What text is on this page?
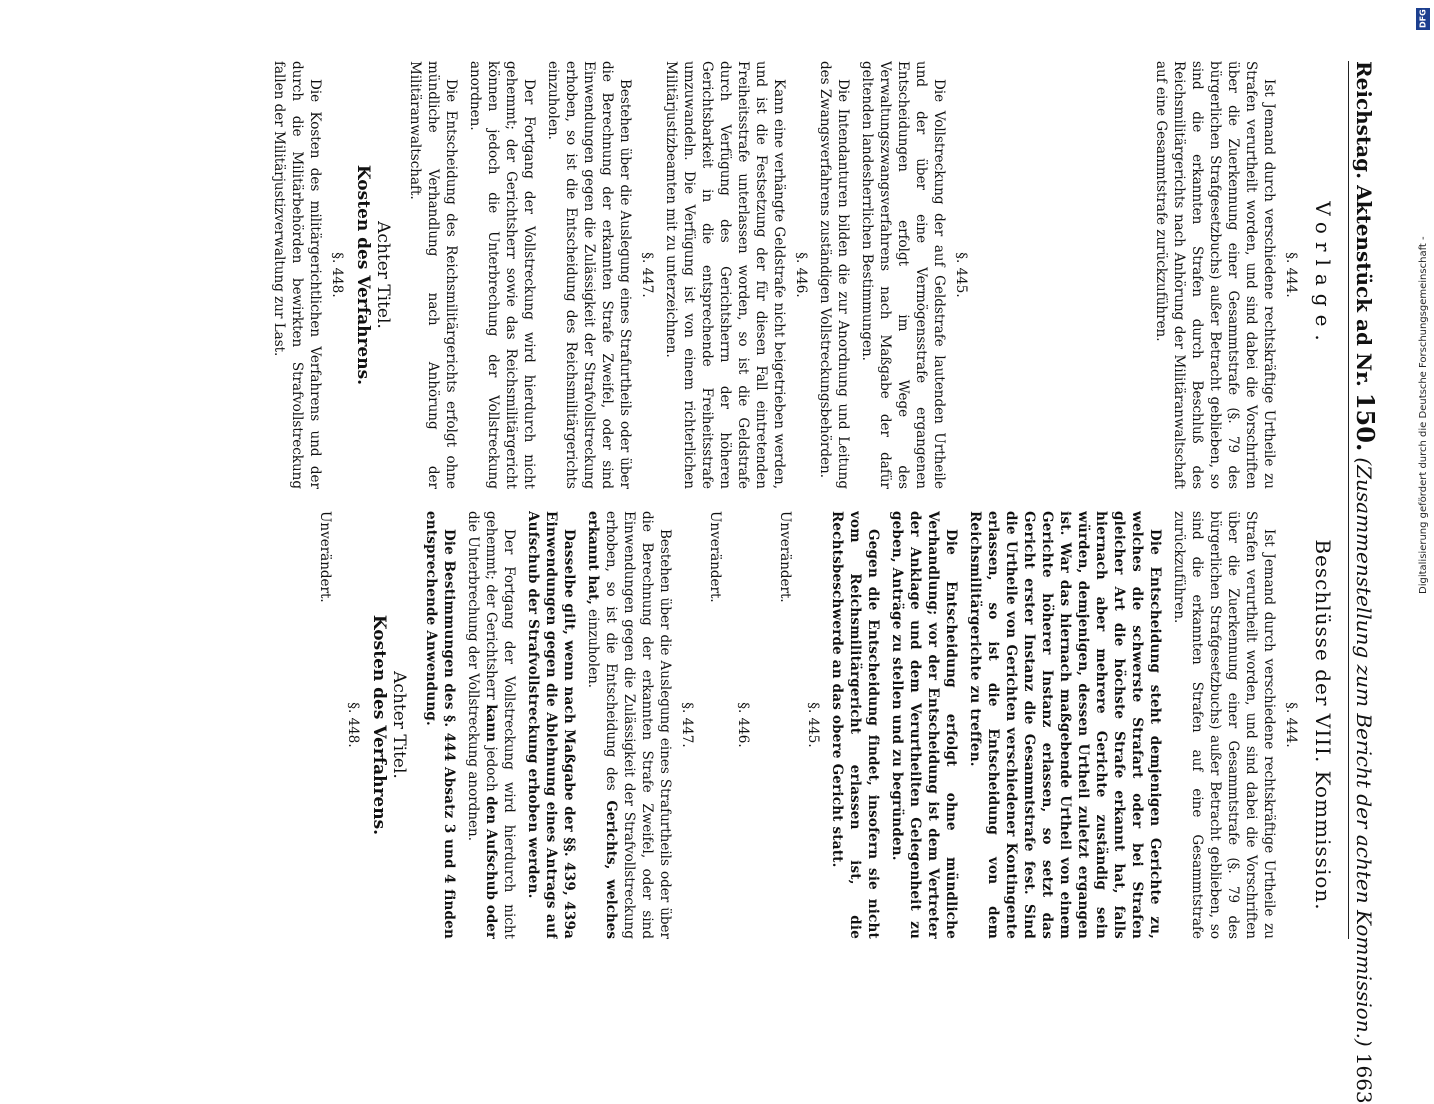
Reichstag.
Aktenstück ad Nr.
150.
(Zusammenstellung zum Bericht der achten Kommission.)
1663
Vorlage.
§. 444.

Ist Jemand durch verschiedene rechtskräftige Urtheile zu Strafen verurtheilt worden, und sind dabei die Vorschriften über die Zuerkennung einer Gesammtstrafe (§. 79 des bürgerlichen Strafgesetzbuchs) außer Betracht geblieben, so sind die erkannten Strafen durch Beschluß des Reichsmilitärgerichts nach Anhörung der Militäranwaltschaft auf eine Gesammtstrafe zurückzuführen.

§. 445.

Die Vollstreckung der auf Geldstrafe lautenden Urtheile und der über eine Vermögensstrafe ergangenen Entscheidungen erfolgt im Wege des Verwaltungszwangsverfahrens nach Maßgabe der dafür geltenden landesherrlichen Bestimmungen.

Die Intendanturen bilden die zur Anordnung und Leitung des Zwangsverfahrens zuständigen Vollstreckungsbehörden.

§. 446.

Kann eine verhängte Geldstrafe nicht beigetrieben werden, und ist die Festsetzung der für diesen Fall eintretenden Freiheitsstrafe unterlassen worden, so ist die Geldstrafe durch Verfügung des Gerichtsherrn der höheren Gerichtsbarkeit in die entsprechende Freiheitsstrafe umzuwandeln. Die Verfügung ist von einem richterlichen Militärjustizbeamten mit zu unterzeichnen.

§. 447.

Bestehen über die Auslegung eines Strafurtheils oder über die Berechnung der erkannten Strafe Zweifel, oder sind Einwendungen gegen die Zulässigkeit der Strafvollstreckung erhoben, so ist die Entscheidung des Reichsmilitärgerichts einzuholen.

Der Fortgang der Vollstreckung wird hierdurch nicht gehemmt; der Gerichtsherr sowie das Reichsmilitärgericht können jedoch die Unterbrechung der Vollstreckung anordnen.

Die Entscheidung des Reichsmilitärgerichts erfolgt ohne mündliche Verhandlung nach Anhörung der Militäranwaltschaft.

Achter Titel.
Kosten des Verfahrens.
§. 448.

Die Kosten des militärgerichtlichen Verfahrens und der durch die Militärbehörden bewirkten Strafvollstreckung fallen der Militärjustizverwaltung zur Last.

Beschlüsse der VIII. Kommission.
§. 444.

Ist Jemand durch verschiedene rechtskräftige Urtheile zu Strafen verurtheilt worden, und sind dabei die Vorschriften über die Zuerkennung einer Gesammtstrafe (§. 79 des bürgerlichen Strafgesetzbuchs) außer Betracht geblieben, so sind die erkannten Strafen auf eine Gesammtstrafe zurückzuführen.

Die Entscheidung steht demjenigen Gerichte zu, welches die schwerste Strafart oder bei Strafen gleicher Art die höchste Strafe erkannt hat, falls hiernach aber mehrere Gerichte zuständig sein würden, demjenigen, dessen Urtheil zuletzt ergangen ist. War das hiernach maßgebende Urtheil von einem Gerichte höherer Instanz erlassen, so setzt das Gericht erster Instanz die Gesammtstrafe fest. Sind die Urtheile von Gerichten verschiedener Kontingente erlassen, so ist die Entscheidung von dem Reichsmilitärgerichte zu treffen.

Die Entscheidung erfolgt ohne mündliche Verhandlung; vor der Entscheidung ist dem Vertreter der Anklage und dem Verurtheilten Gelegenheit zu geben, Anträge zu stellen und zu begründen.

Gegen die Entscheidung findet, insofern sie nicht vom Reichsmilitärgericht erlassen ist, die Rechtsbeschwerde an das obere Gericht statt.

§. 445.

Unverändert.

§. 446.

Unverändert.

§. 447.

Bestehen über die Auslegung eines Strafurtheils oder über die Berechnung der erkannten Strafe Zweifel, oder sind Einwendungen gegen die Zulässigkeit der Strafvollstreckung erhoben, so ist die Entscheidung des Gerichts, welches erkannt hat, einzuholen.

Dasselbe gilt, wenn nach Maßgabe der §§. 439, 439a Einwendungen gegen die Ablehnung eines Antrags auf Aufschub der Strafvollstreckung erhoben werden.

Der Fortgang der Vollstreckung wird hierdurch nicht gehemmt; der Gerichtsherr kann jedoch den Aufschub oder die Unterbrechung der Vollstreckung anordnen.

Die Bestimmungen des §. 444 Absatz 3 und 4 finden entsprechende Anwendung.

Achter Titel.
Kosten des Verfahrens.
§. 448.

Unverändert.

DFG
Digitalisierung gefördert durch die Deutsche Forschungsgemeinschaft -
